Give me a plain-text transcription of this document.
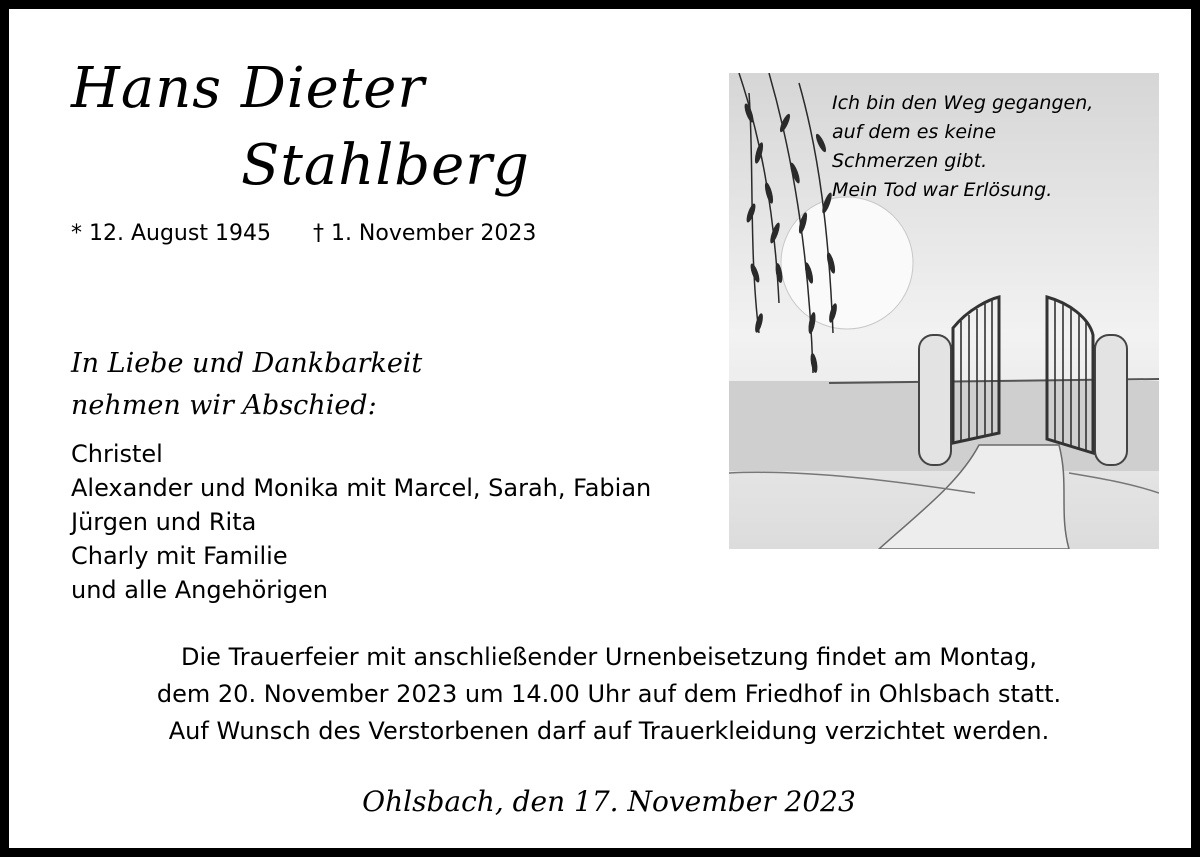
Hans Dieter
Stahlberg
* 12. August 1945 † 1. November 2023
In Liebe und Dankbarkeit
nehmen wir Abschied:
Christel
Alexander und Monika mit Marcel, Sarah, Fabian
Jürgen und Rita
Charly mit Familie
und alle Angehörigen
Ich bin den Weg gegangen,
auf dem es keine
Schmerzen gibt.
Mein Tod war Erlösung.
Die Trauerfeier mit anschließender Urnenbeisetzung findet am Montag,
dem 20. November 2023 um 14.00 Uhr auf dem Friedhof in Ohlsbach statt.
Auf Wunsch des Verstorbenen darf auf Trauerkleidung verzichtet werden.
Ohlsbach, den 17. November 2023
